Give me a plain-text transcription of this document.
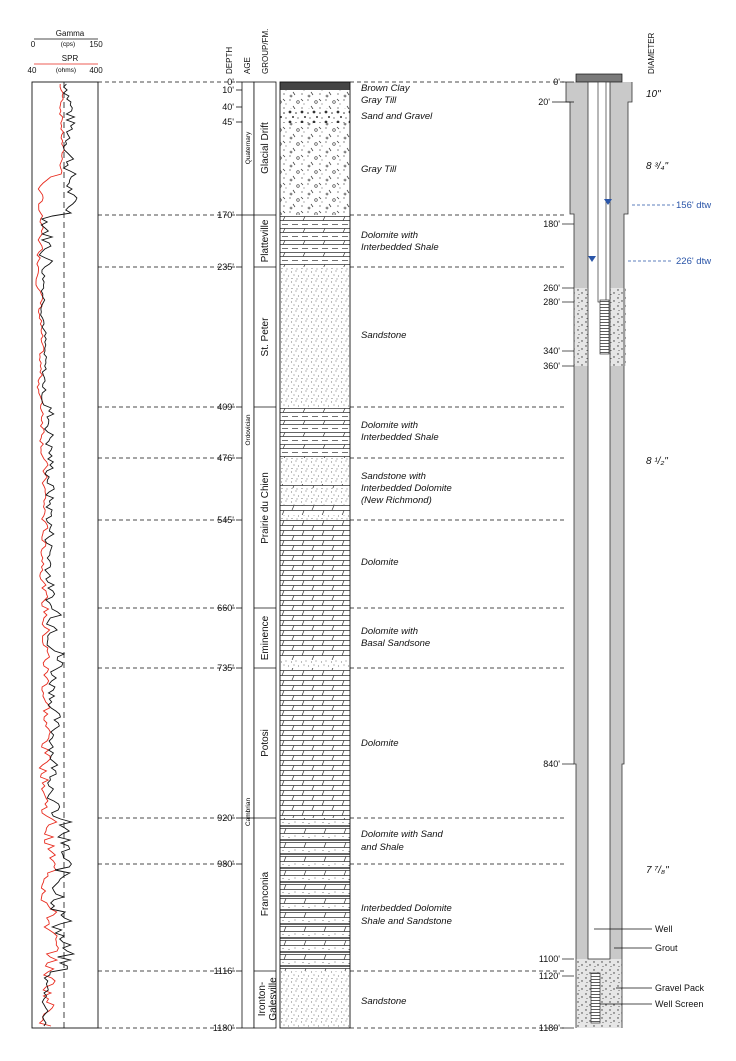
Gamma
0	(cps) 150
SPR
40	(ohms) 400	DEPTH AGE GROUP/FM.	DIAMETER
Quaternary
Ordovician
Cambrian
Glacial Drift
Platteville
St. Peter
Prairie du Chien
Eminence
Potosi
Franconia
Ironton- Galesville
0'
10'
40'
45'
170'
235'
409'
476'
545'
660'
735'
920'
980'
1116'
1180'
Brown Clay
Gray Till
Sand and Gravel
Gray Till
Dolomite with
Interbedded Shale
Sandstone
Dolomite with
Interbedded Shale
Sandstone with
Interbedded Dolomite
(New Richmond)
Dolomite
Dolomite with
Basal Sandsone
Dolomite
Dolomite with Sand
and Shale
Interbedded Dolomite
Shale and Sandstone
Sandstone
156' dtw
226' dtw
0'
20'
180'
260'
280'
340'
360'
840'
1100'
1120'
1180'
10"
8 ³/₄"
8 ¹/₂"
7 ⁷/₈"
Well
Grout
Gravel Pack
Well Screen
